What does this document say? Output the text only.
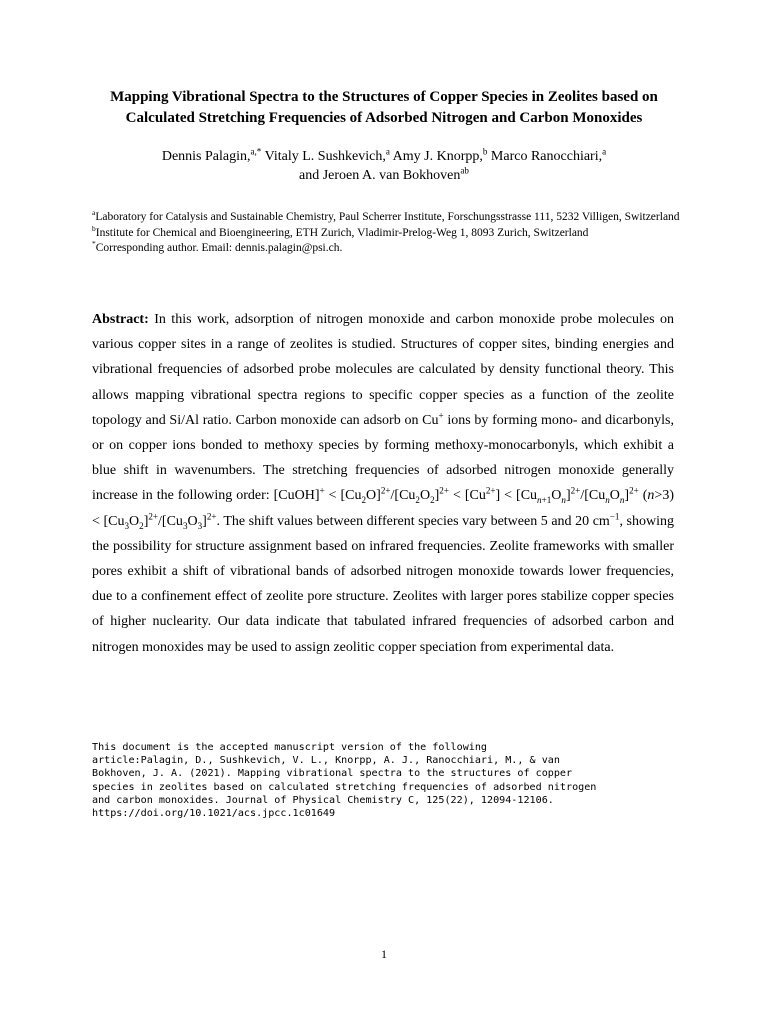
Mapping Vibrational Spectra to the Structures of Copper Species in Zeolites based on Calculated Stretching Frequencies of Adsorbed Nitrogen and Carbon Monoxides
Dennis Palagin,$^{a,*}$ Vitaly L. Sushkevich,$^a$ Amy J. Knorpp,$^b$ Marco Ranocchiari,$^a$
and Jeroen A. van Bokhoven$^{ab}$
$^a$Laboratory for Catalysis and Sustainable Chemistry, Paul Scherrer Institute, Forschungsstrasse 111, 5232 Villigen, Switzerland
$^b$Institute for Chemical and Bioengineering, ETH Zurich, Vladimir-Prelog-Weg 1, 8093 Zurich, Switzerland
*Corresponding author. Email: dennis.palagin@psi.ch.
Abstract: In this work, adsorption of nitrogen monoxide and carbon monoxide probe molecules on various copper sites in a range of zeolites is studied. Structures of copper sites, binding energies and vibrational frequencies of adsorbed probe molecules are calculated by density functional theory. This allows mapping vibrational spectra regions to specific copper species as a function of the zeolite topology and Si/Al ratio. Carbon monoxide can adsorb on Cu+ ions by forming mono- and dicarbonyls, or on copper ions bonded to methoxy species by forming methoxy-monocarbonyls, which exhibit a blue shift in wavenumbers. The stretching frequencies of adsorbed nitrogen monoxide generally increase in the following order: [CuOH]+ < $[Cu_2O]^{2+}/[Cu_2O_2]^{2+} < [Cu^{2+}] < [Cu_{n+1}O_n]^{2+}/[Cu_nO_n]^{2+}$ $(n>3) < [Cu_3O_2]^{2+}/[Cu_3O_3]^{2+}$. The shift values between different species vary between 5 and 20 $cm^{-1}$, showing the possibility for structure assignment based on infrared frequencies. Zeolite frameworks with smaller pores exhibit a shift of vibrational bands of adsorbed nitrogen monoxide towards lower frequencies, due to a confinement effect of zeolite pore structure. Zeolites with larger pores stabilize copper species of higher nuclearity. Our data indicate that tabulated infrared frequencies of adsorbed carbon and nitrogen monoxides may be used to assign zeolitic copper speciation from experimental data.
This document is the accepted manuscript version of the following
article:Palagin, D., Sushkevich, V. L., Knorpp, A. J., Ranocchiari, M., & van
Bokhoven, J. A. (2021). Mapping vibrational spectra to the structures of copper
species in zeolites based on calculated stretching frequencies of adsorbed nitrogen
and carbon monoxides. Journal of Physical Chemistry C, 125(22), 12094-12106.
https://doi.org/10.1021/acs.jpcc.1c01649
1
